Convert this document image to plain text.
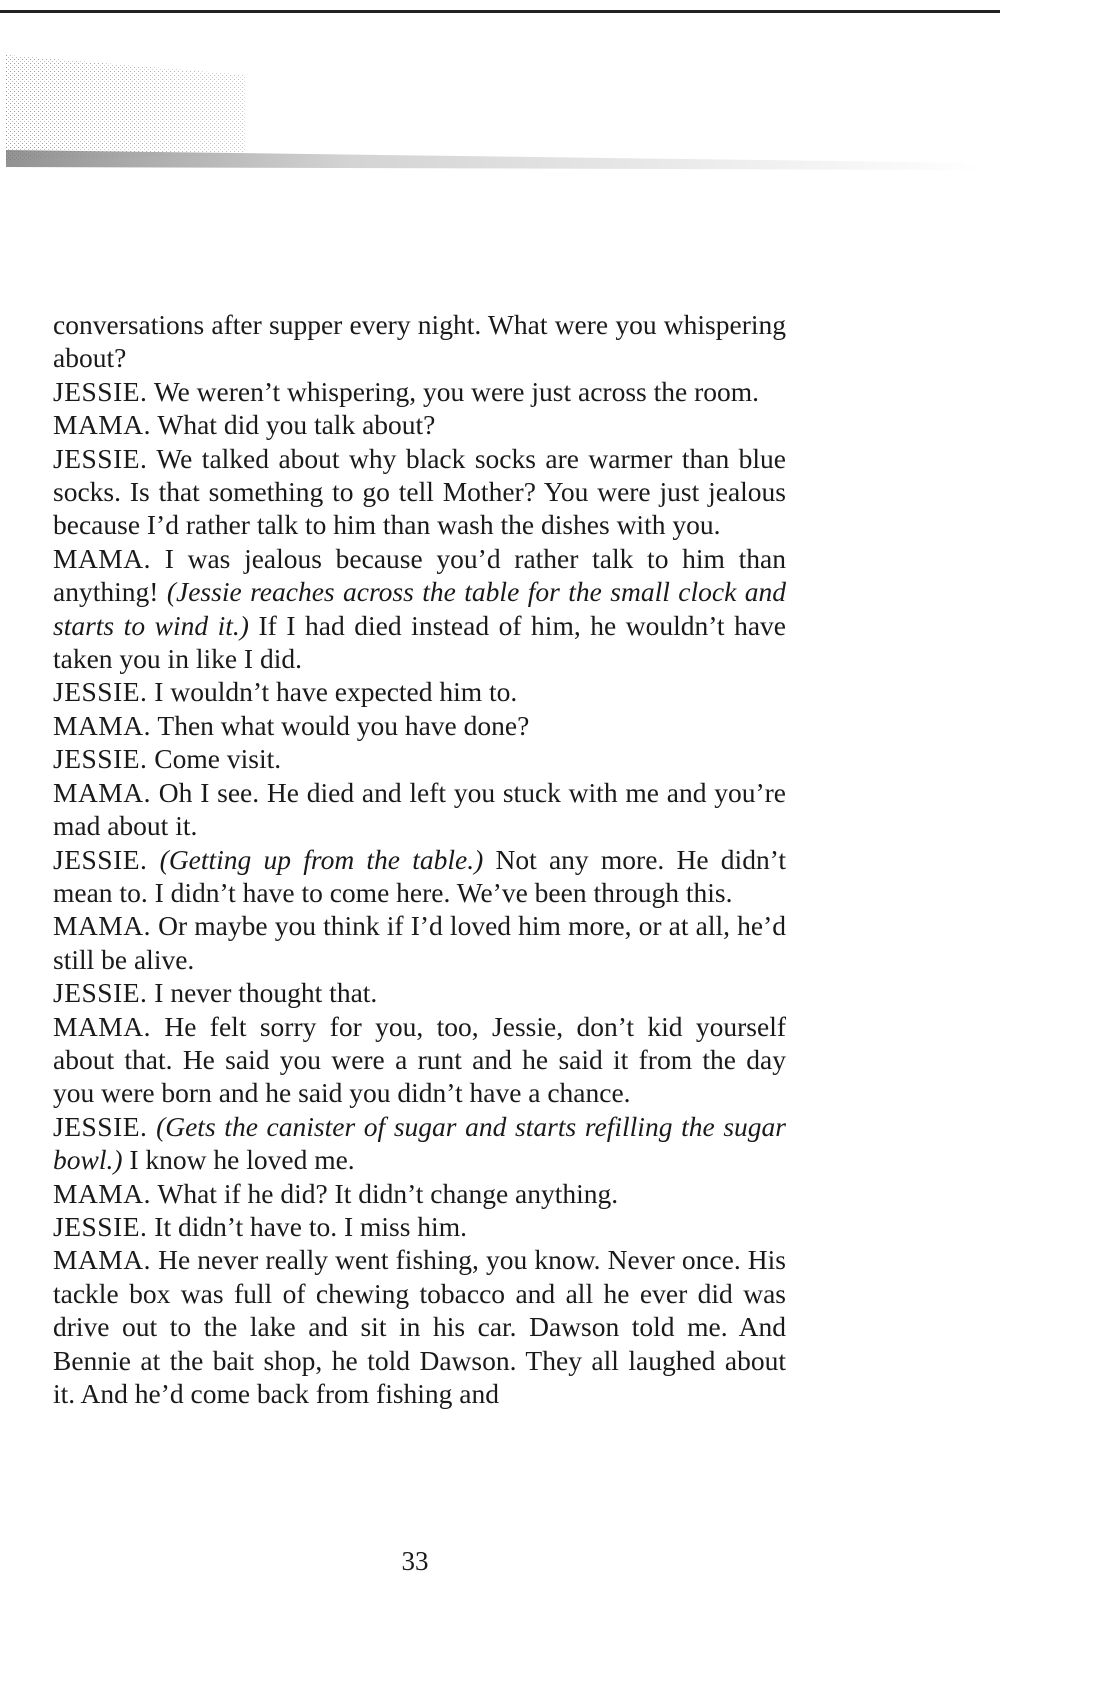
conversations after supper every night. What were you whispering about?

JESSIE. We weren’t whispering, you were just across the room.

MAMA. What did you talk about?

JESSIE. We talked about why black socks are warmer than blue socks. Is that something to go tell Mother? You were just jealous because I’d rather talk to him than wash the dishes with you.

MAMA. I was jealous because you’d rather talk to him than anything! (Jessie reaches across the table for the small clock and starts to wind it.) If I had died instead of him, he wouldn’t have taken you in like I did.

JESSIE. I wouldn’t have expected him to.

MAMA. Then what would you have done?

JESSIE. Come visit.

MAMA. Oh I see. He died and left you stuck with me and you’re mad about it.

JESSIE. (Getting up from the table.) Not any more. He didn’t mean to. I didn’t have to come here. We’ve been through this.

MAMA. Or maybe you think if I’d loved him more, or at all, he’d still be alive.

JESSIE. I never thought that.

MAMA. He felt sorry for you, too, Jessie, don’t kid yourself about that. He said you were a runt and he said it from the day you were born and he said you didn’t have a chance.

JESSIE. (Gets the canister of sugar and starts refilling the sugar bowl.) I know he loved me.

MAMA. What if he did? It didn’t change anything.

JESSIE. It didn’t have to. I miss him.

MAMA. He never really went fishing, you know. Never once. His tackle box was full of chewing tobacco and all he ever did was drive out to the lake and sit in his car. Dawson told me. And Bennie at the bait shop, he told Dawson. They all laughed about it. And he’d come back from fishing and

33
